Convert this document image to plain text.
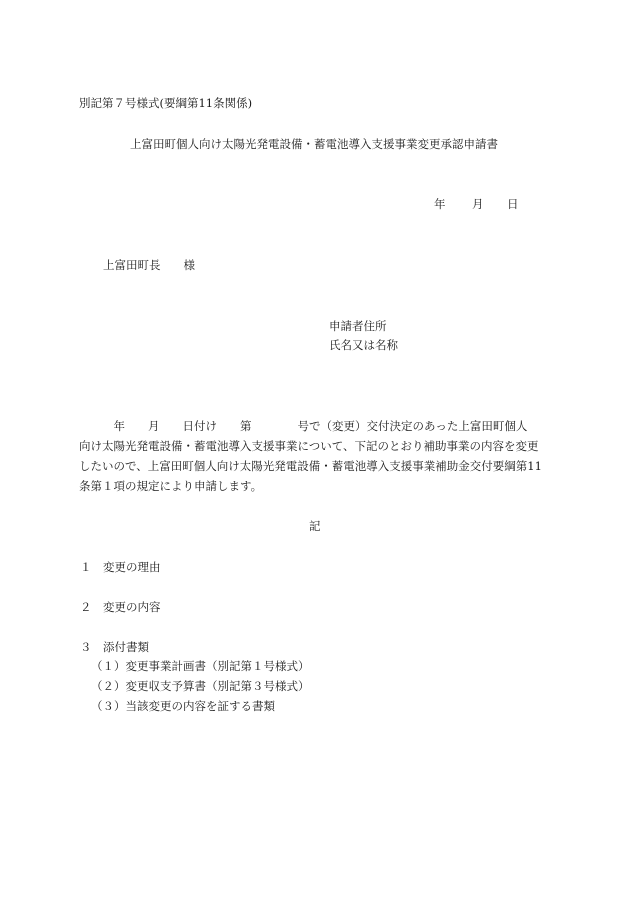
別記第７号様式(要綱第11条関係)
上富田町個人向け太陽光発電設備・蓄電池導入支援事業変更承認申請書
年 月 日
上富田町長　　様
申請者住所
氏名又は名称
　　　年　　月　　日付け　　第　　　　号で（変更）交付決定のあった上富田町個人
向け太陽光発電設備・蓄電池導入支援事業について、下記のとおり補助事業の内容を変更
したいので、上富田町個人向け太陽光発電設備・蓄電池導入支援事業補助金交付要綱第11
条第１項の規定により申請します。
記
１　変更の理由
２　変更の内容
３　添付書類
（１）変更事業計画書（別記第１号様式）
（２）変更収支予算書（別記第３号様式）
（３）当該変更の内容を証する書類
